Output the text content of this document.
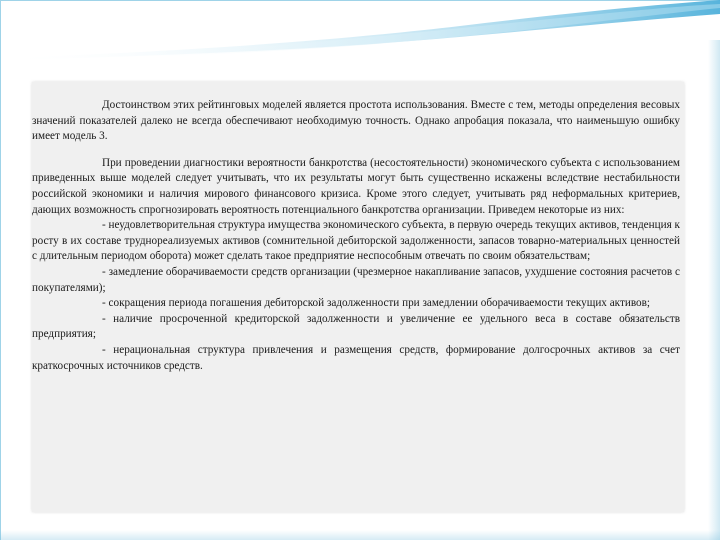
Достоинством этих рейтинговых моделей является простота использования. Вместе с тем, методы определения весовых значений показателей далеко не всегда обеспечивают необходимую точность. Однако апробация показала, что наименьшую ошибку имеет модель 3.

При проведении диагностики вероятности банкротства (несостоятельности) экономического субъекта с использованием приведенных выше моделей следует учитывать, что их результаты могут быть существенно искажены вследствие нестабильности российской экономики и наличия мирового финансового кризиса. Кроме этого следует, учитывать ряд неформальных критериев, дающих возможность спрогнозировать вероятность потенциального банкротства организации. Приведем некоторые из них:

- неудовлетворительная структура имущества экономического субъекта, в первую очередь текущих активов, тенденция к росту в их составе труднореализуемых активов (сомнительной дебиторской задолженности, запасов товарно-материальных ценностей с длительным периодом оборота) может сделать такое предприятие неспособным отвечать по своим обязательствам;

- замедление оборачиваемости средств организации (чрезмерное накапливание запасов, ухудшение состояния расчетов с покупателями);

- сокращения периода погашения дебиторской задолженности при замедлении оборачиваемости текущих активов;

- наличие просроченной кредиторской задолженности и увеличение ее удельного веса в составе обязательств предприятия;

- нерациональная структура привлечения и размещения средств, формирование долгосрочных активов за счет краткосрочных источников средств.
